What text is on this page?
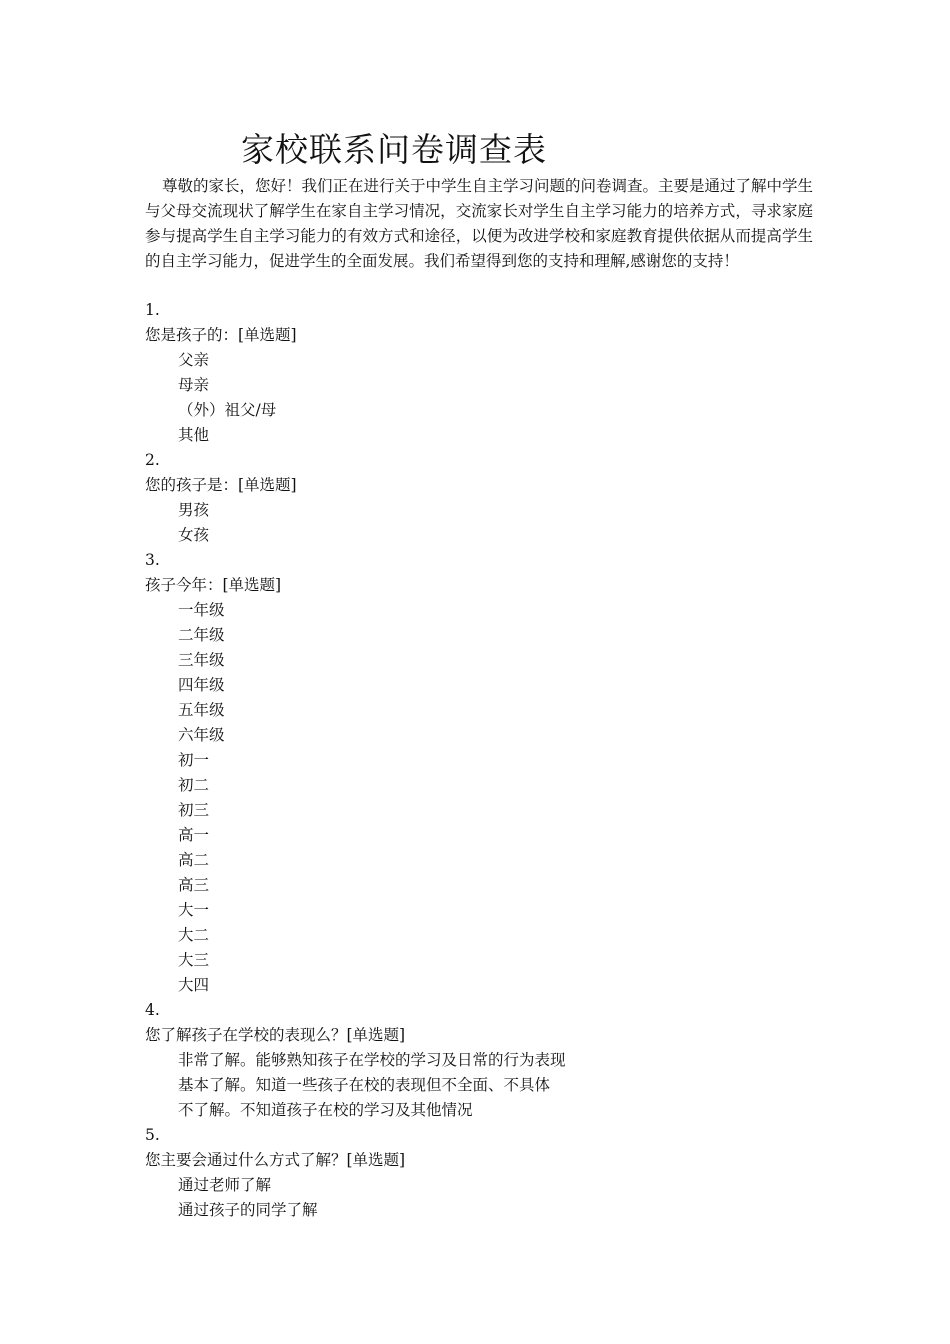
家校联系问卷调查表
尊敬的家长，您好！我们正在进行关于中学生自主学习问题的问卷调查。主要是通过了解中学生与父母交流现状了解学生在家自主学习情况，交流家长对学生自主学习能力的培养方式，寻求家庭参与提高学生自主学习能力的有效方式和途径，以便为改进学校和家庭教育提供依据从而提高学生的自主学习能力，促进学生的全面发展。我们希望得到您的支持和理解,感谢您的支持！
1.
您是孩子的：[单选题]
父亲
母亲
（外）祖父/母
其他
2.
您的孩子是：[单选题]
男孩
女孩
3.
孩子今年：[单选题]
一年级
二年级
三年级
四年级
五年级
六年级
初一
初二
初三
高一
高二
高三
大一
大二
大三
大四
4.
您了解孩子在学校的表现么？[单选题]
非常了解。能够熟知孩子在学校的学习及日常的行为表现
基本了解。知道一些孩子在校的表现但不全面、不具体
不了解。不知道孩子在校的学习及其他情况
5.
您主要会通过什么方式了解？[单选题]
通过老师了解
通过孩子的同学了解
